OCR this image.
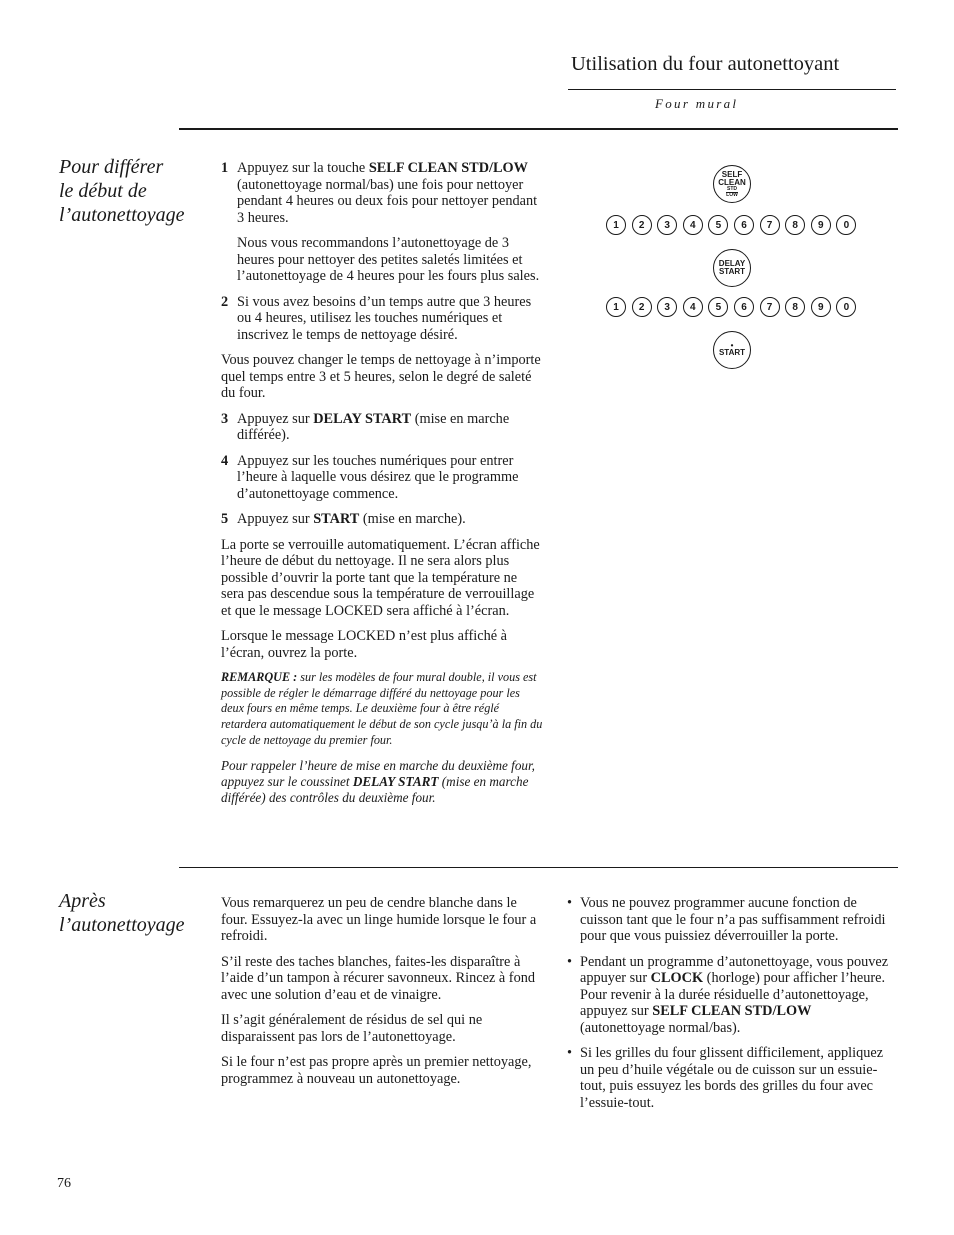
Utilisation du four autonettoyant
Four mural
Pour différer
le début de
l’autonettoyage

1 Appuyez sur la touche SELF CLEAN STD/LOW (autonettoyage normal/bas) une fois pour nettoyer pendant 4 heures ou deux fois pour nettoyer pendant 3 heures.

Nous vous recommandons l’autonettoyage de 3 heures pour nettoyer des petites saletés limitées et l’autonettoyage de 4 heures pour les fours plus sales.

2 Si vous avez besoins d’un temps autre que 3 heures ou 4 heures, utilisez les touches numériques et inscrivez le temps de nettoyage désiré.

Vous pouvez changer le temps de nettoyage à n’importe quel temps entre 3 et 5 heures, selon le degré de saleté du four.

3 Appuyez sur DELAY START (mise en marche différée).

4 Appuyez sur les touches numériques pour entrer l’heure à laquelle vous désirez que le programme d’autonettoyage commence.

5 Appuyez sur START (mise en marche).

La porte se verrouille automatiquement. L’écran affiche l’heure de début du nettoyage. Il ne sera alors plus possible d’ouvrir la porte tant que la température ne sera pas descendue sous la température de verrouillage et que le message LOCKED sera affiché à l’écran.

Lorsque le message LOCKED n’est plus affiché à l’écran, ouvrez la porte.

REMARQUE : sur les modèles de four mural double, il vous est possible de régler le démarrage différé du nettoyage pour les deux fours en même temps. Le deuxième four à être réglé retardera automatiquement le début de son cycle jusqu’à la fin du cycle de nettoyage du premier four.

Pour rappeler l’heure de mise en marche du deuxième four, appuyez sur le coussinet DELAY START (mise en marche différée) des contrôles du deuxième four.

SELF
CLEAN
STD
LOW
1	2	3	4	5	6	7	8	9	0
DELAY
START
1	2	3	4	5	6	7	8	9	0
•
START
Après
l’autonettoyage

Vous remarquerez un peu de cendre blanche dans le four. Essuyez-la avec un linge humide lorsque le four a refroidi.

S’il reste des taches blanches, faites-les disparaître à l’aide d’un tampon à récurer savonneux. Rincez à fond avec une solution d’eau et de vinaigre.

Il s’agit généralement de résidus de sel qui ne disparaissent pas lors de l’autonettoyage.

Si le four n’est pas propre après un premier nettoyage, programmez à nouveau un autonettoyage.

• Vous ne pouvez programmer aucune fonction de cuisson tant que le four n’a pas suffisamment refroidi pour que vous puissiez déverrouiller la porte.
• Pendant un programme d’autonettoyage, vous pouvez appuyer sur CLOCK (horloge) pour afficher l’heure. Pour revenir à la durée résiduelle d’autonettoyage, appuyez sur SELF CLEAN STD/LOW (autonettoyage normal/bas).
• Si les grilles du four glissent difficilement, appliquez un peu d’huile végétale ou de cuisson sur un essuie-tout, puis essuyez les bords des grilles du four avec l’essuie-tout.
76
